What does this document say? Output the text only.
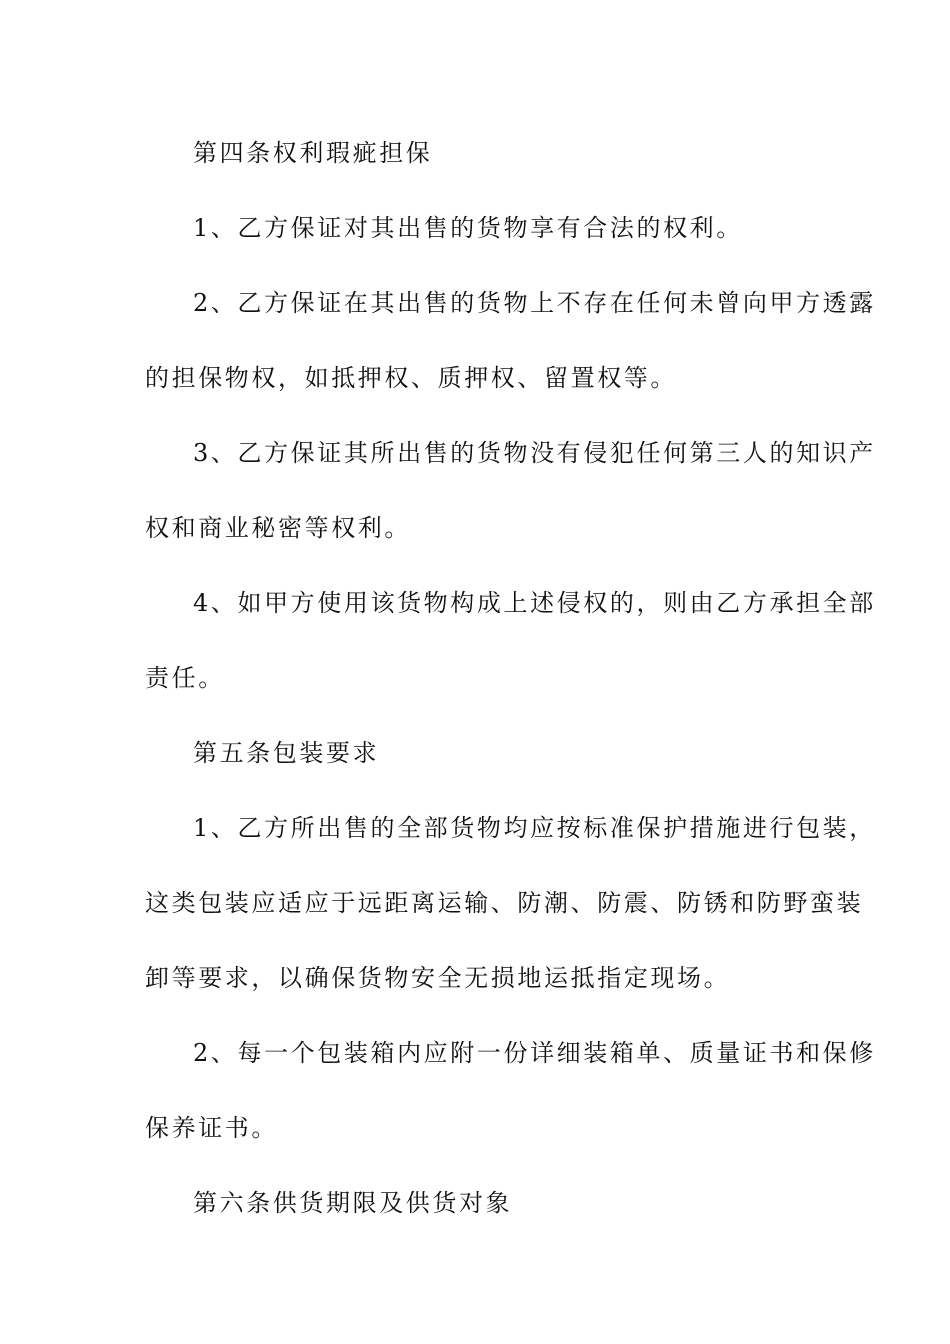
第四条权利瑕疵担保
1、乙方保证对其出售的货物享有合法的权利。
2、乙方保证在其出售的货物上不存在任何未曾向甲方透露
的担保物权，如抵押权、质押权、留置权等。
3、乙方保证其所出售的货物没有侵犯任何第三人的知识产
权和商业秘密等权利。
4、如甲方使用该货物构成上述侵权的，则由乙方承担全部
责任。
第五条包装要求
1、乙方所出售的全部货物均应按标准保护措施进行包装，
这类包装应适应于远距离运输、防潮、防震、防锈和防野蛮装
卸等要求，以确保货物安全无损地运抵指定现场。
2、每一个包装箱内应附一份详细装箱单、质量证书和保修
保养证书。
第六条供货期限及供货对象
